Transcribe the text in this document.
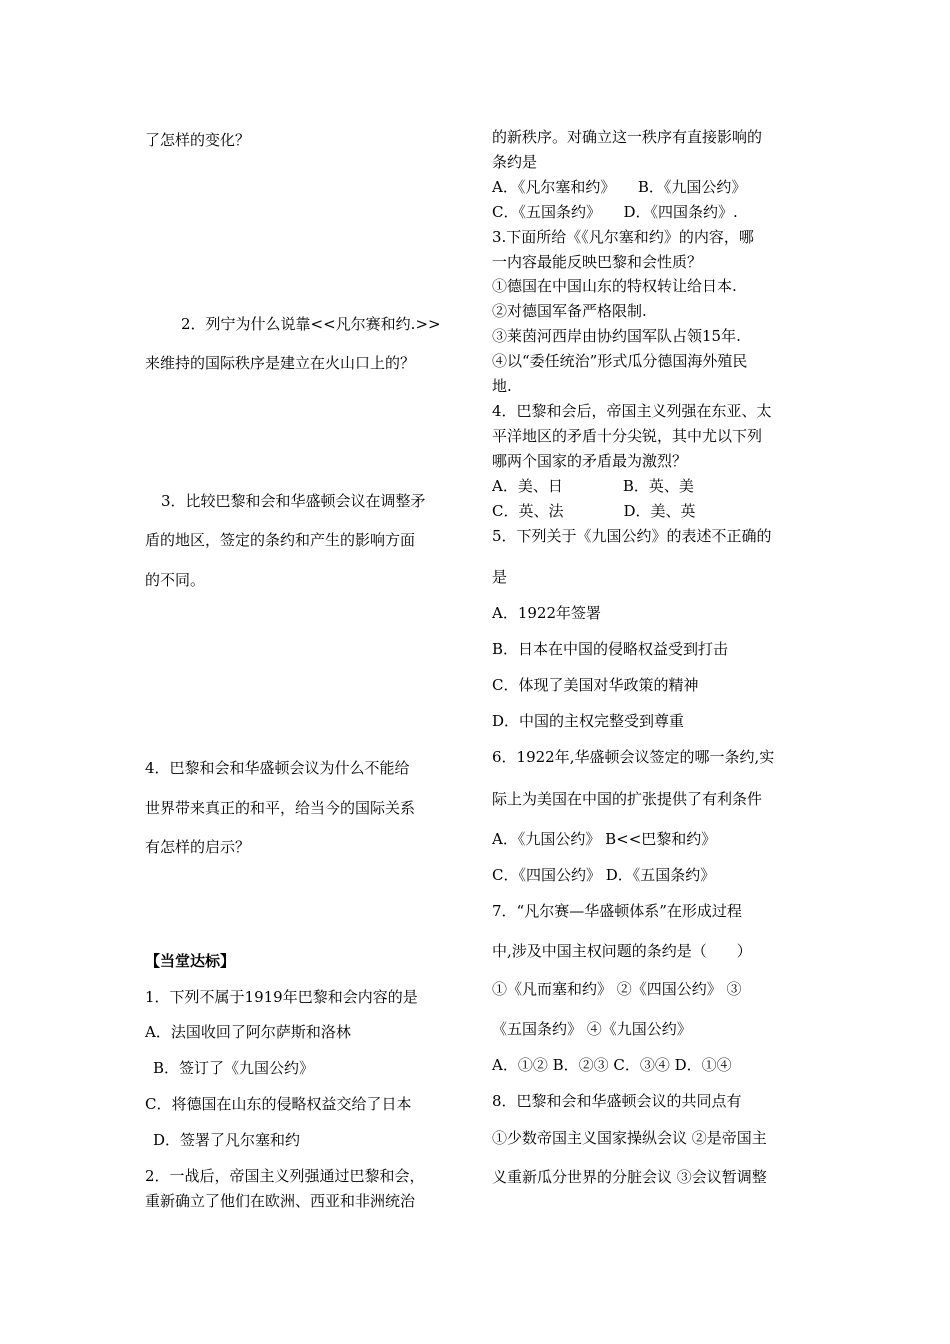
了怎样的变化？
2．列宁为什么说靠<<凡尔赛和约.>>
来维持的国际秩序是建立在火山口上的？
3．比较巴黎和会和华盛顿会议在调整矛
盾的地区，签定的条约和产生的影响方面
的不同。
4．巴黎和会和华盛顿会议为什么不能给
世界带来真正的和平，给当今的国际关系
有怎样的启示？
【当堂达标】
1．下列不属于1919年巴黎和会内容的是
A．法国收回了阿尔萨斯和洛林
B．签订了《九国公约》
C．将德国在山东的侵略权益交给了日本
D．签署了凡尔塞和约
2．一战后，帝国主义列强通过巴黎和会，
重新确立了他们在欧洲、西亚和非洲统治
的新秩序。对确立这一秩序有直接影响的
条约是
A．《凡尔塞和约》　　B．《九国公约》
C．《五国条约》　　D．《四国条约》.
3.下面所给《《凡尔塞和约》的内容，哪
一内容最能反映巴黎和会性质？
①德国在中国山东的特权转让给日本.
②对德国军备严格限制.
③莱茵河西岸由协约国军队占领15年.
④以“委任统治”形式瓜分德国海外殖民
地.
4．巴黎和会后，帝国主义列强在东亚、太
平洋地区的矛盾十分尖锐，其中尤以下列
哪两个国家的矛盾最为激烈？
A．美、日　　　　B．英、美
C．英、法　　　　D．美、英
5．下列关于《九国公约》的表述不正确的
是
A．1922年签署
B．日本在中国的侵略权益受到打击
C．体现了美国对华政策的精神
D．中国的主权完整受到尊重
6．1922年,华盛顿会议签定的哪一条约,实
际上为美国在中国的扩张提供了有利条件
A．《九国公约》 B<<巴黎和约》
C．《四国公约》 D．《五国条约》
7．“凡尔赛—华盛顿体系”在形成过程
中,涉及中国主权问题的条约是（　　）
①《凡而塞和约》 ②《四国公约》 ③
《五国条约》 ④《九国公约》
A．①② B．②③ C．③④ D．①④
8．巴黎和会和华盛顿会议的共同点有
①少数帝国主义国家操纵会议 ②是帝国主
义重新瓜分世界的分脏会议 ③会议暂调整
